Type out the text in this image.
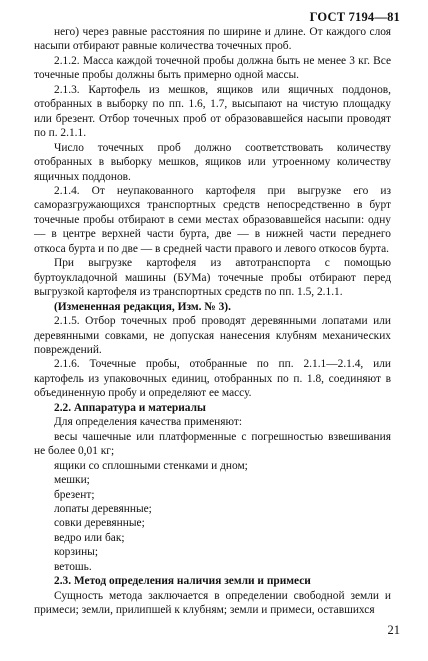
ГОСТ 7194—81

него) через равные расстояния по ширине и длине. От каждого слоя насыпи отбирают равные количества точечных проб.

2.1.2. Масса каждой точечной пробы должна быть не менее 3 кг. Все точечные пробы должны быть примерно одной массы.

2.1.3. Картофель из мешков, ящиков или ящичных поддонов, отобранных в выборку по пп. 1.6, 1.7, высыпают на чистую площадку или брезент. Отбор точечных проб от образовавшейся насыпи проводят по п. 2.1.1.

Число точечных проб должно соответствовать количеству отобранных в выборку мешков, ящиков или утроенному количеству ящичных поддонов.

2.1.4. От неупакованного картофеля при выгрузке его из саморазгружающихся транспортных средств непосредственно в бурт точечные пробы отбирают в семи местах образовавшейся насыпи: одну — в центре верхней части бурта, две — в нижней части переднего откоса бурта и по две — в средней части правого и левого откосов бурта.

При выгрузке картофеля из автотранспорта с помощью буртоукладочной машины (БУМа) точечные пробы отбирают перед выгрузкой картофеля из транспортных средств по пп. 1.5, 2.1.1.

(Измененная редакция, Изм. № 3).

2.1.5. Отбор точечных проб проводят деревянными лопатами или деревянными совками, не допуская нанесения клубням механических повреждений.

2.1.6. Точечные пробы, отобранные по пп. 2.1.1—2.1.4, или картофель из упаковочных единиц, отобранных по п. 1.8, соединяют в объединенную пробу и определяют ее массу.

2.2. Аппаратура и материалы

Для определения качества применяют:

весы чашечные или платформенные с погрешностью взвешивания не более 0,01 кг;

ящики со сплошными стенками и дном;

мешки;

брезент;

лопаты деревянные;

совки деревянные;

ведро или бак;

корзины;

ветошь.

2.3. Метод определения наличия земли и примеси

Сущность метода заключается в определении свободной земли и примеси; земли, прилипшей к клубням; земли и примеси, оставшихся

21
